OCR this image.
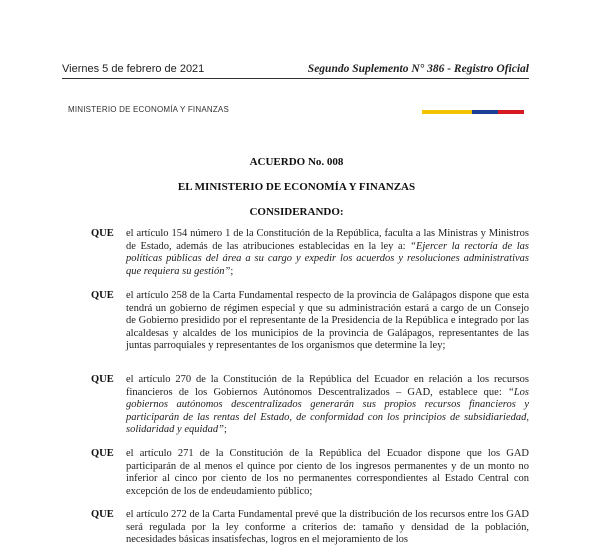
Viernes 5 de febrero de 2021	Segundo Suplemento N° 386 - Registro Oficial
MINISTERIO DE ECONOMÍA Y FINANZAS
ACUERDO No. 008
EL MINISTERIO DE ECONOMÍA Y FINANZAS
CONSIDERANDO:
QUE el artículo 154 número 1 de la Constitución de la República, faculta a las Ministras y Ministros de Estado, además de las atribuciones establecidas en la ley a: “Ejercer la rectoría de las políticas públicas del área a su cargo y expedir los acuerdos y resoluciones administrativas que requiera su gestión”;
QUE el artículo 258 de la Carta Fundamental respecto de la provincia de Galápagos dispone que esta tendrá un gobierno de régimen especial y que su administración estará a cargo de un Consejo de Gobierno presidido por el representante de la Presidencia de la República e integrado por las alcaldesas y alcaldes de los municipios de la provincia de Galápagos, representantes de las juntas parroquiales y representantes de los organismos que determine la ley;
QUE el artículo 270 de la Constitución de la República del Ecuador en relación a los recursos financieros de los Gobiernos Autónomos Descentralizados – GAD, establece que: “Los gobiernos autónomos descentralizados generarán sus propios recursos financieros y participarán de las rentas del Estado, de conformidad con los principios de subsidiariedad, solidaridad y equidad”;
QUE el artículo 271 de la Constitución de la República del Ecuador dispone que los GAD participarán de al menos el quince por ciento de los ingresos permanentes y de un monto no inferior al cinco por ciento de los no permanentes correspondientes al Estado Central con excepción de los de endeudamiento público;
QUE el artículo 272 de la Carta Fundamental prevé que la distribución de los recursos entre los GAD será regulada por la ley conforme a criterios de: tamaño y densidad de la población, necesidades básicas insatisfechas, logros en el mejoramiento de los
